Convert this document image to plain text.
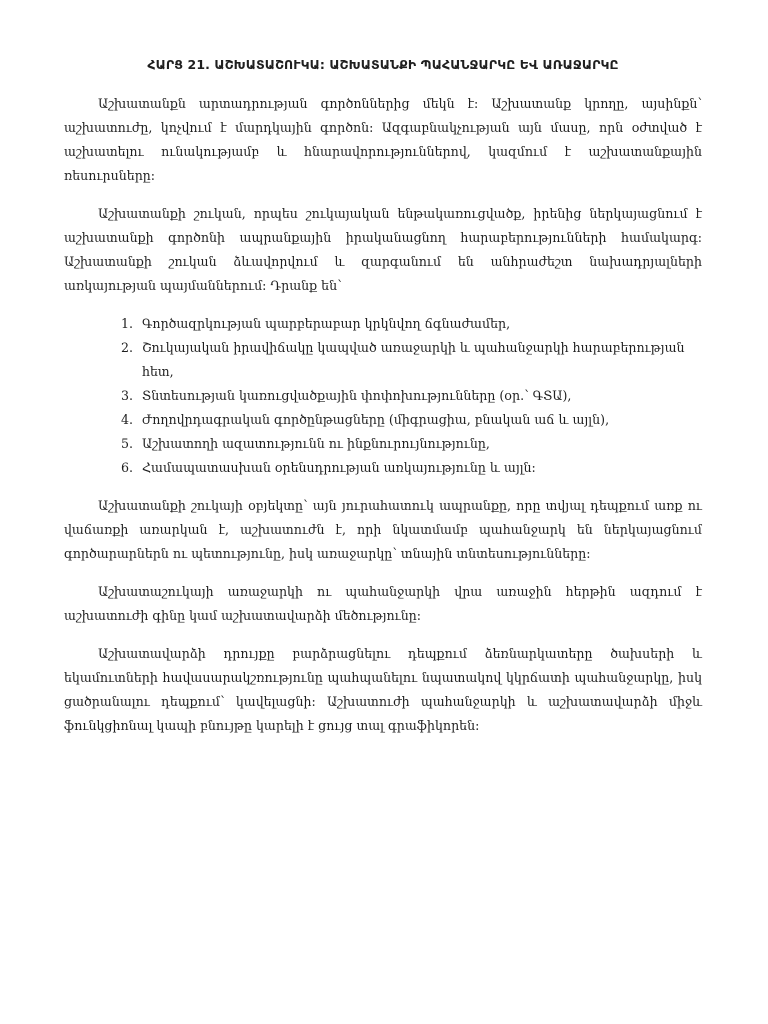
ՀԱՐՑ 21. ԱՇԽԱՏԱՇՈՒԿԱ: ԱՇԽԱՏԱՆՔԻ ՊԱՀԱՆՋԱՐԿԸ ԵՎ ԱՌԱՋԱՐԿԸ

Աշխատանքն արտադրության գործոններից մեկն է: Աշխատանք կրողը, այսինքն՝ աշխատուժը, կոչվում է մարդկային գործոն: Ազգաբնակչության այն մասը, որն օժտված է աշխատելու ունակությամբ և հնարավորություններով, կազմում է աշխատանքային ռեսուրսները:

Աշխատանքի շուկան, որպես շուկայական ենթակառուցվածք, իրենից ներկայացնում է աշխատանքի գործոնի ապրանքային իրականացնող հարաբերությունների համակարգ: Աշխատանքի շուկան ձևավորվում և զարգանում են անհրաժեշտ նախադրյալների առկայության պայմաններում: Դրանք են՝

1. Գործազրկության պարբերաբար կրկնվող ճգնաժամեր,
2. Շուկայական իրավիճակը կապված առաջարկի և պահանջարկի հարաբերության հետ,
3. Տնտեսության կառուցվածքային փոփոխությունները (օր.՝ ԳՏԱ),
4. Ժողովրդագրական գործընթացները (միգրացիա, բնական աճ և այլն),
5. Աշխատողի ազատությունն ու ինքնուրույնությունը,
6. Համապատասխան օրենսդրության առկայությունը և այլն:

Աշխատանքի շուկայի օբյեկտը՝ այն յուրահատուկ ապրանքը, որը տվյալ դեպքում առք ու վաճառքի առարկան է, աշխատուժն է, որի նկատմամբ պահանջարկ են ներկայացնում գործարարներն ու պետությունը, իսկ առաջարկը՝ տնային տնտեսությունները:

Աշխատաշուկայի առաջարկի ու պահանջարկի վրա առաջին հերթին ազդում է աշխատուժի գինը կամ աշխատավարձի մեծությունը:

Աշխատավարձի դրույքը բարձրացնելու դեպքում ձեռնարկատերը ծախսերի և եկամուտների հավասարակշռությունը պահպանելու նպատակով կկրճատի պահանջարկը, իսկ ցածրանալու դեպքում՝ կավելացնի: Աշխատուժի պահանջարկի և աշխատավարձի միջև ֆունկցիոնալ կապի բնույթը կարելի է ցույց տալ գրաֆիկորեն:
